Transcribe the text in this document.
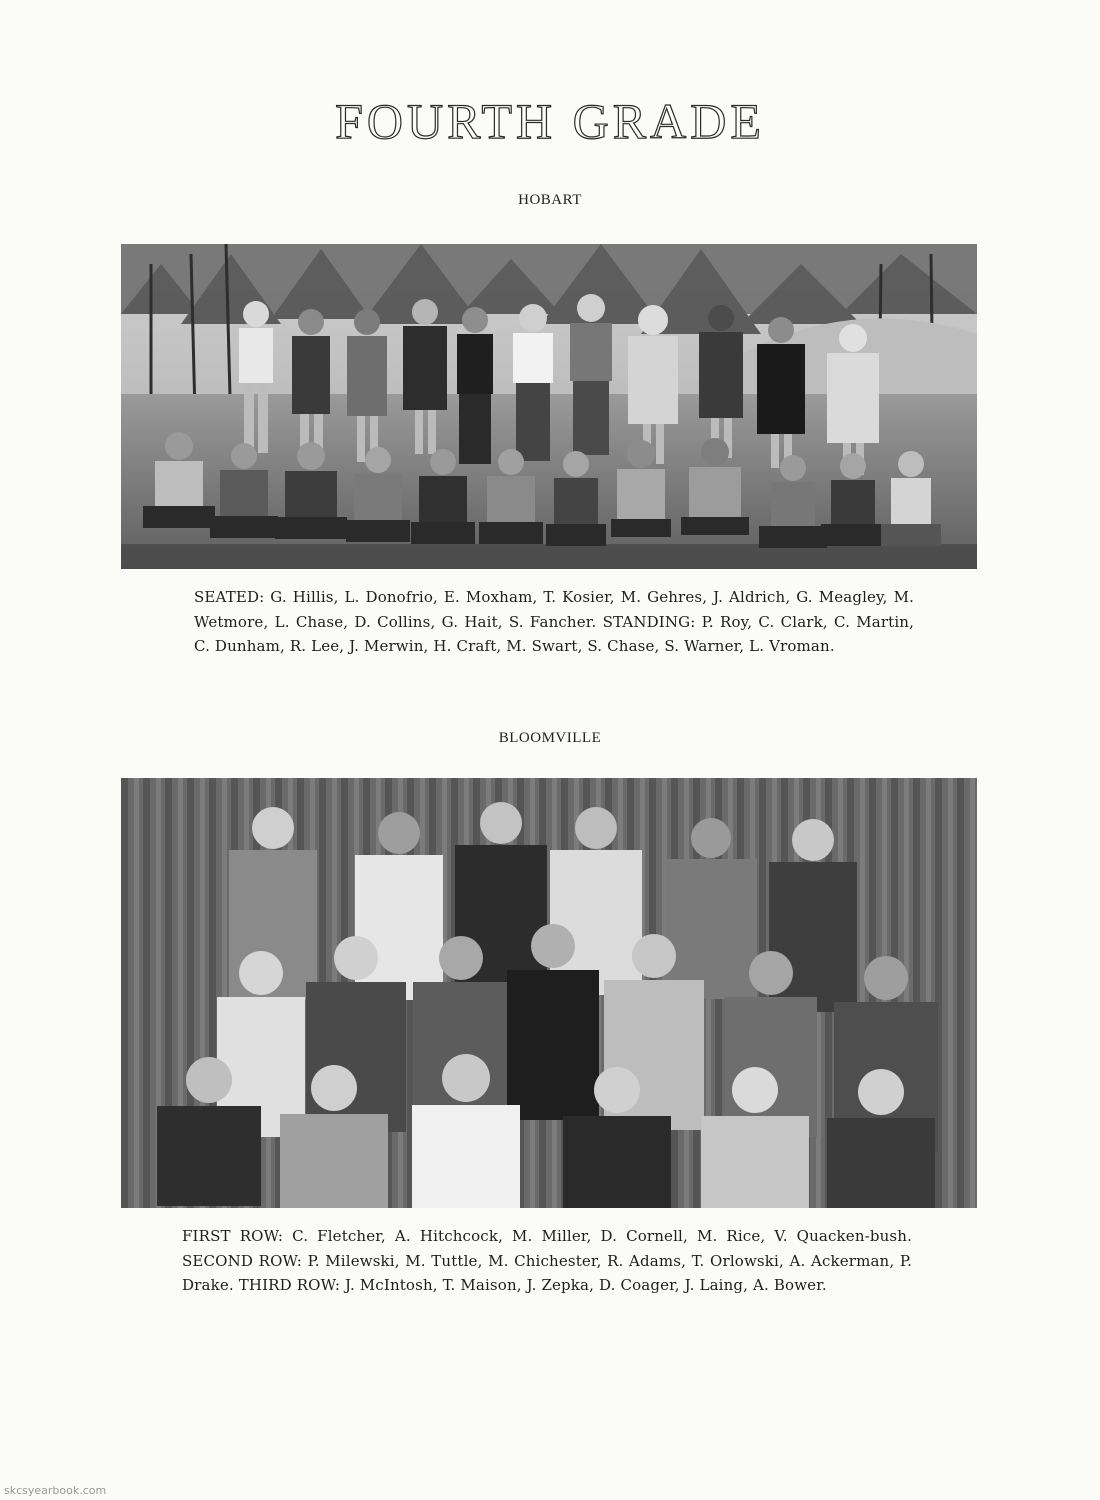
FOURTH GRADE
HOBART

SEATED: G. Hillis, L. Donofrio, E. Moxham, T. Kosier, M. Gehres, J. Aldrich, G. Meagley, M. Wetmore, L. Chase, D. Collins, G. Hait, S. Fancher. STANDING: P. Roy, C. Clark, C. Martin, C. Dunham, R. Lee, J. Merwin, H. Craft, M. Swart, S. Chase, S. Warner, L. Vroman.

BLOOMVILLE

FIRST ROW: C. Fletcher, A. Hitchcock, M. Miller, D. Cornell, M. Rice, V. Quacken-bush. SECOND ROW: P. Milewski, M. Tuttle, M. Chichester, R. Adams, T. Orlowski, A. Ackerman, P. Drake. THIRD ROW: J. McIntosh, T. Maison, J. Zepka, D. Coager, J. Laing, A. Bower.

skcsyearbook.com
